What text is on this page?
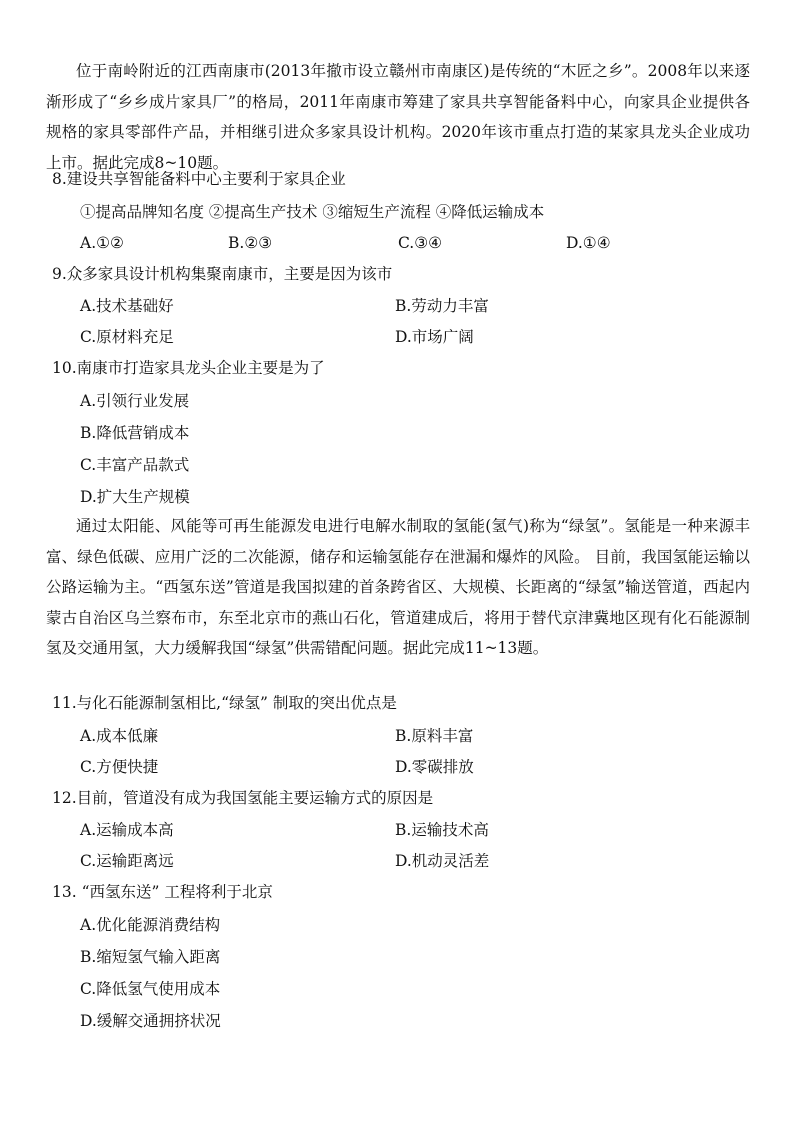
位于南岭附近的江西南康市(2013年撤市设立赣州市南康区)是传统的“木匠之乡”。2008年以来逐渐形成了“乡乡成片家具厂”的格局，2011年南康市筹建了家具共享智能备料中心，向家具企业提供各规格的家具零部件产品，并相继引进众多家具设计机构。2020年该市重点打造的某家具龙头企业成功上市。据此完成8~10题。

8.建设共享智能备料中心主要利于家具企业
①提高品牌知名度 ②提高生产技术 ③缩短生产流程 ④降低运输成本
A.①②	B.②③	C.③④	D.①④
9.众多家具设计机构集聚南康市，主要是因为该市
A.技术基础好	B.劳动力丰富
C.原材料充足	D.市场广阔
10.南康市打造家具龙头企业主要是为了
A.引领行业发展
B.降低营销成本
C.丰富产品款式
D.扩大生产规模

通过太阳能、风能等可再生能源发电进行电解水制取的氢能(氢气)称为“绿氢”。氢能是一种来源丰富、绿色低碳、应用广泛的二次能源，储存和运输氢能存在泄漏和爆炸的风险。 目前，我国氢能运输以公路运输为主。“西氢东送”管道是我国拟建的首条跨省区、大规模、长距离的“绿氢”输送管道，西起内蒙古自治区乌兰察布市，东至北京市的燕山石化，管道建成后，将用于替代京津冀地区现有化石能源制氢及交通用氢，大力缓解我国“绿氢”供需错配问题。据此完成11~13题。

11.与化石能源制氢相比,“绿氢” 制取的突出优点是
A.成本低廉	B.原料丰富
C.方便快捷	D.零碳排放
12.目前，管道没有成为我国氢能主要运输方式的原因是
A.运输成本高	B.运输技术高
C.运输距离远	D.机动灵活差
13. “西氢东送” 工程将利于北京
A.优化能源消费结构
B.缩短氢气输入距离
C.降低氢气使用成本
D.缓解交通拥挤状况
